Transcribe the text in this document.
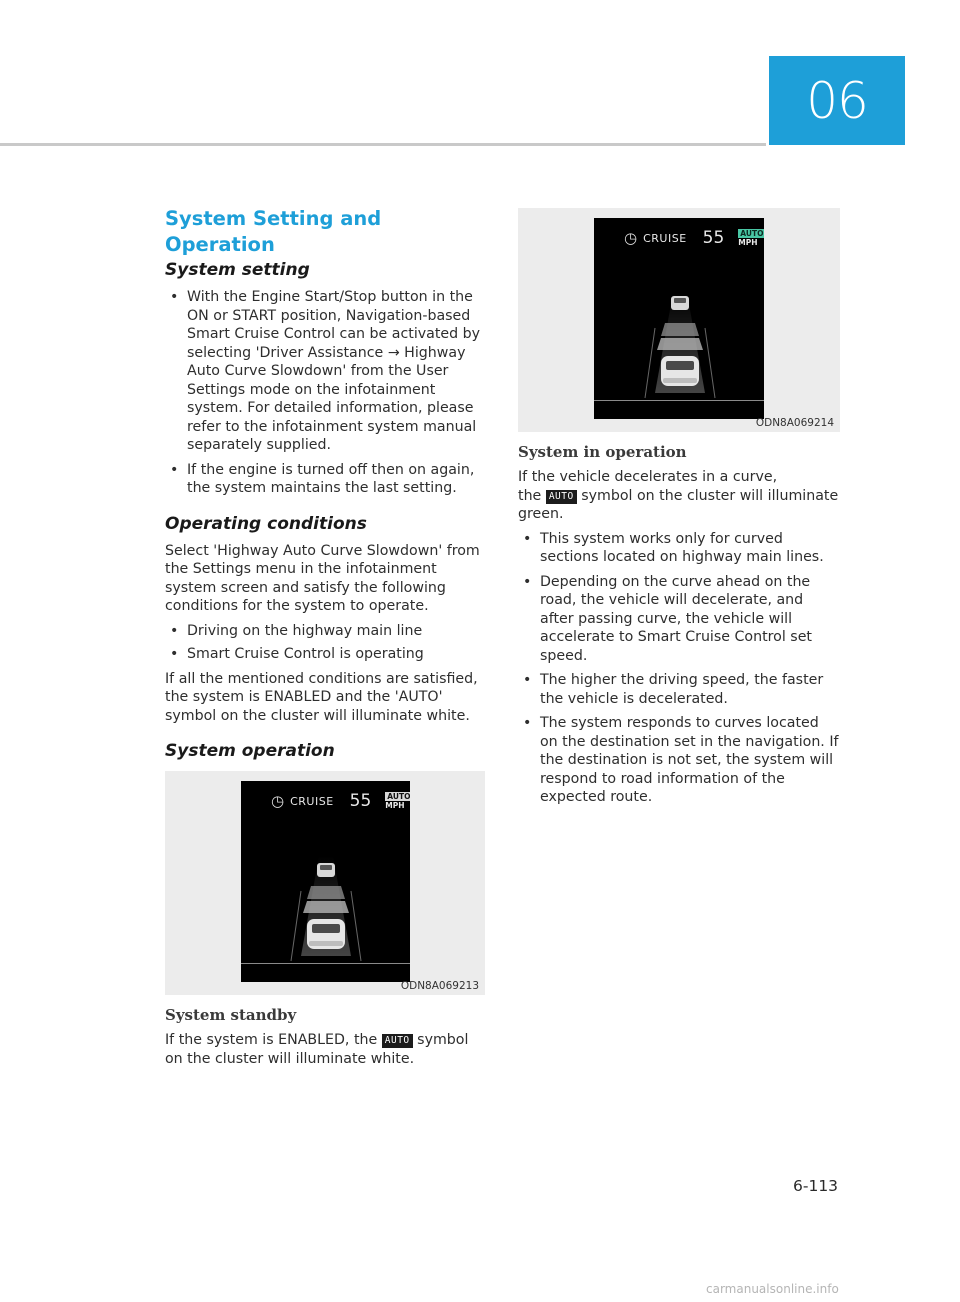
06
System Setting and Operation
System setting
• With the Engine Start/Stop button in the ON or START position, Navigation-based Smart Cruise Control can be activated by selecting 'Driver Assistance → Highway Auto Curve Slowdown' from the User Settings mode on the infotainment system. For detailed information, please refer to the infotainment system manual separately supplied.
• If the engine is turned off then on again, the system maintains the last setting.
Operating conditions

Select 'Highway Auto Curve Slowdown' from the Settings menu in the infotainment system screen and satisfy the following conditions for the system to operate.

• Driving on the highway main line
• Smart Cruise Control is operating

If all the mentioned conditions are satisfied, the system is ENABLED and the 'AUTO' symbol on the cluster will illuminate white.

System operation
◷ CRUISE 55 AUTO
MPH
ODN8A069213
System standby

If the system is ENABLED, the AUTO symbol on the cluster will illuminate white.

◷ CRUISE 55 AUTO
MPH
ODN8A069214
System in operation

If the vehicle decelerates in a curve,

the AUTO symbol on the cluster will illuminate green.

• This system works only for curved sections located on highway main lines.
• Depending on the curve ahead on the road, the vehicle will decelerate, and after passing curve, the vehicle will accelerate to Smart Cruise Control set speed.
• The higher the driving speed, the faster the vehicle is decelerated.
• The system responds to curves located on the destination set in the navigation. If the destination is not set, the system will respond to road information of the expected route.
6-113
carmanualsonline.info
